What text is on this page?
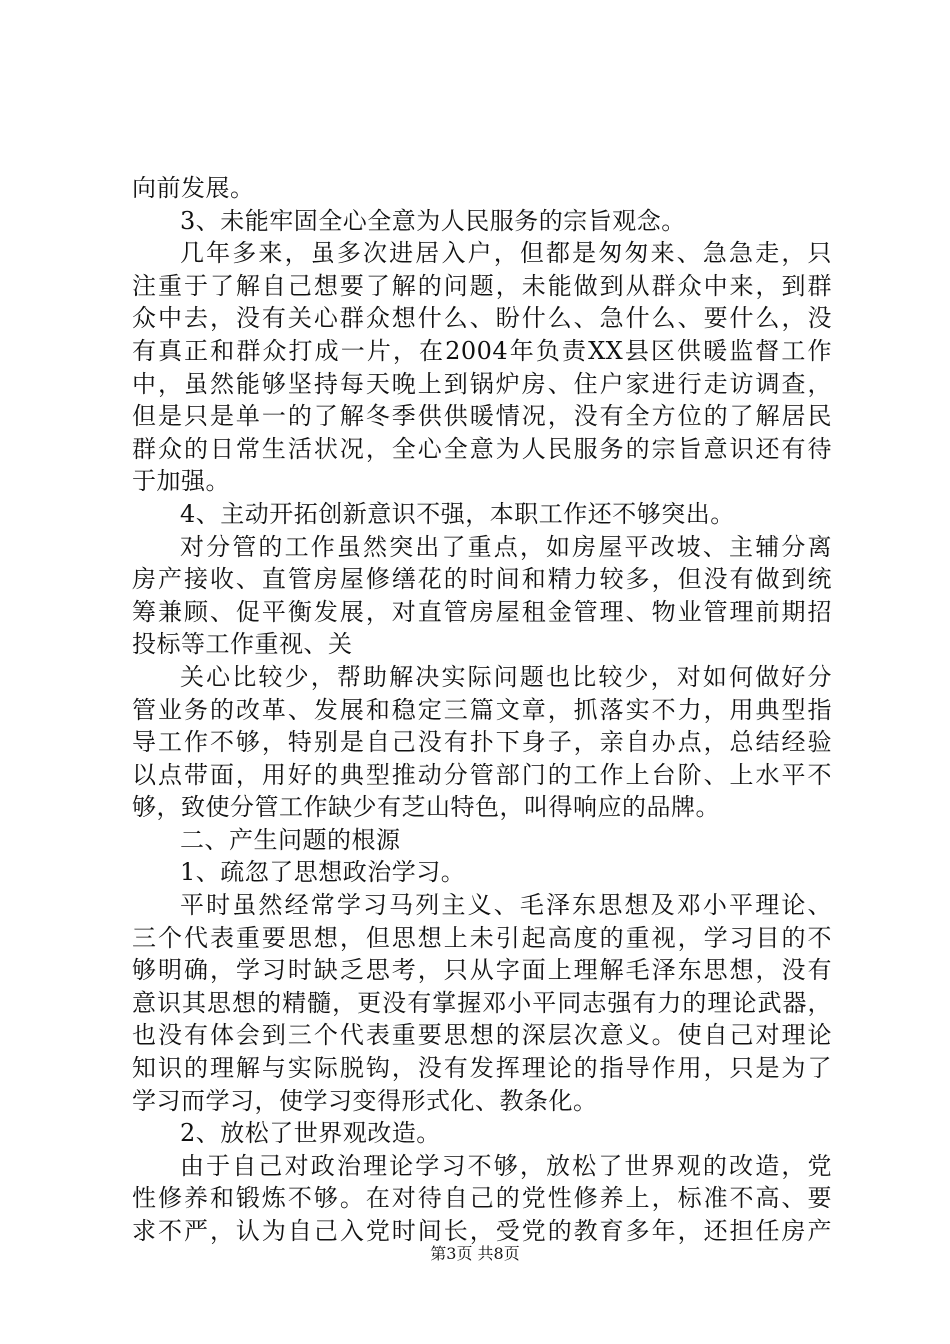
向前发展。
3、未能牢固全心全意为人民服务的宗旨观念。
几年多来，虽多次进居入户，但都是匆匆来、急急走，只
注重于了解自己想要了解的问题，未能做到从群众中来，到群
众中去，没有关心群众想什么、盼什么、急什么、要什么，没
有真正和群众打成一片，在2004年负责XX县区供暖监督工作
中，虽然能够坚持每天晚上到锅炉房、住户家进行走访调查，
但是只是单一的了解冬季供供暖情况，没有全方位的了解居民
群众的日常生活状况，全心全意为人民服务的宗旨意识还有待
于加强。
4、主动开拓创新意识不强，本职工作还不够突出。
对分管的工作虽然突出了重点，如房屋平改坡、主辅分离
房产接收、直管房屋修缮花的时间和精力较多，但没有做到统
筹兼顾、促平衡发展，对直管房屋租金管理、物业管理前期招
投标等工作重视、关
关心比较少，帮助解决实际问题也比较少，对如何做好分
管业务的改革、发展和稳定三篇文章，抓落实不力，用典型指
导工作不够，特别是自己没有扑下身子，亲自办点，总结经验
以点带面，用好的典型推动分管部门的工作上台阶、上水平不
够，致使分管工作缺少有芝山特色，叫得响应的品牌。
二、产生问题的根源
1、疏忽了思想政治学习。
平时虽然经常学习马列主义、毛泽东思想及邓小平理论、
三个代表重要思想，但思想上未引起高度的重视，学习目的不
够明确，学习时缺乏思考，只从字面上理解毛泽东思想，没有
意识其思想的精髓，更没有掌握邓小平同志强有力的理论武器，
也没有体会到三个代表重要思想的深层次意义。使自己对理论
知识的理解与实际脱钩，没有发挥理论的指导作用，只是为了
学习而学习，使学习变得形式化、教条化。
2、放松了世界观改造。
由于自己对政治理论学习不够，放松了世界观的改造，党
性修养和锻炼不够。在对待自己的党性修养上，标准不高、要
求不严，认为自己入党时间长，受党的教育多年，还担任房产
第3页 共8页
